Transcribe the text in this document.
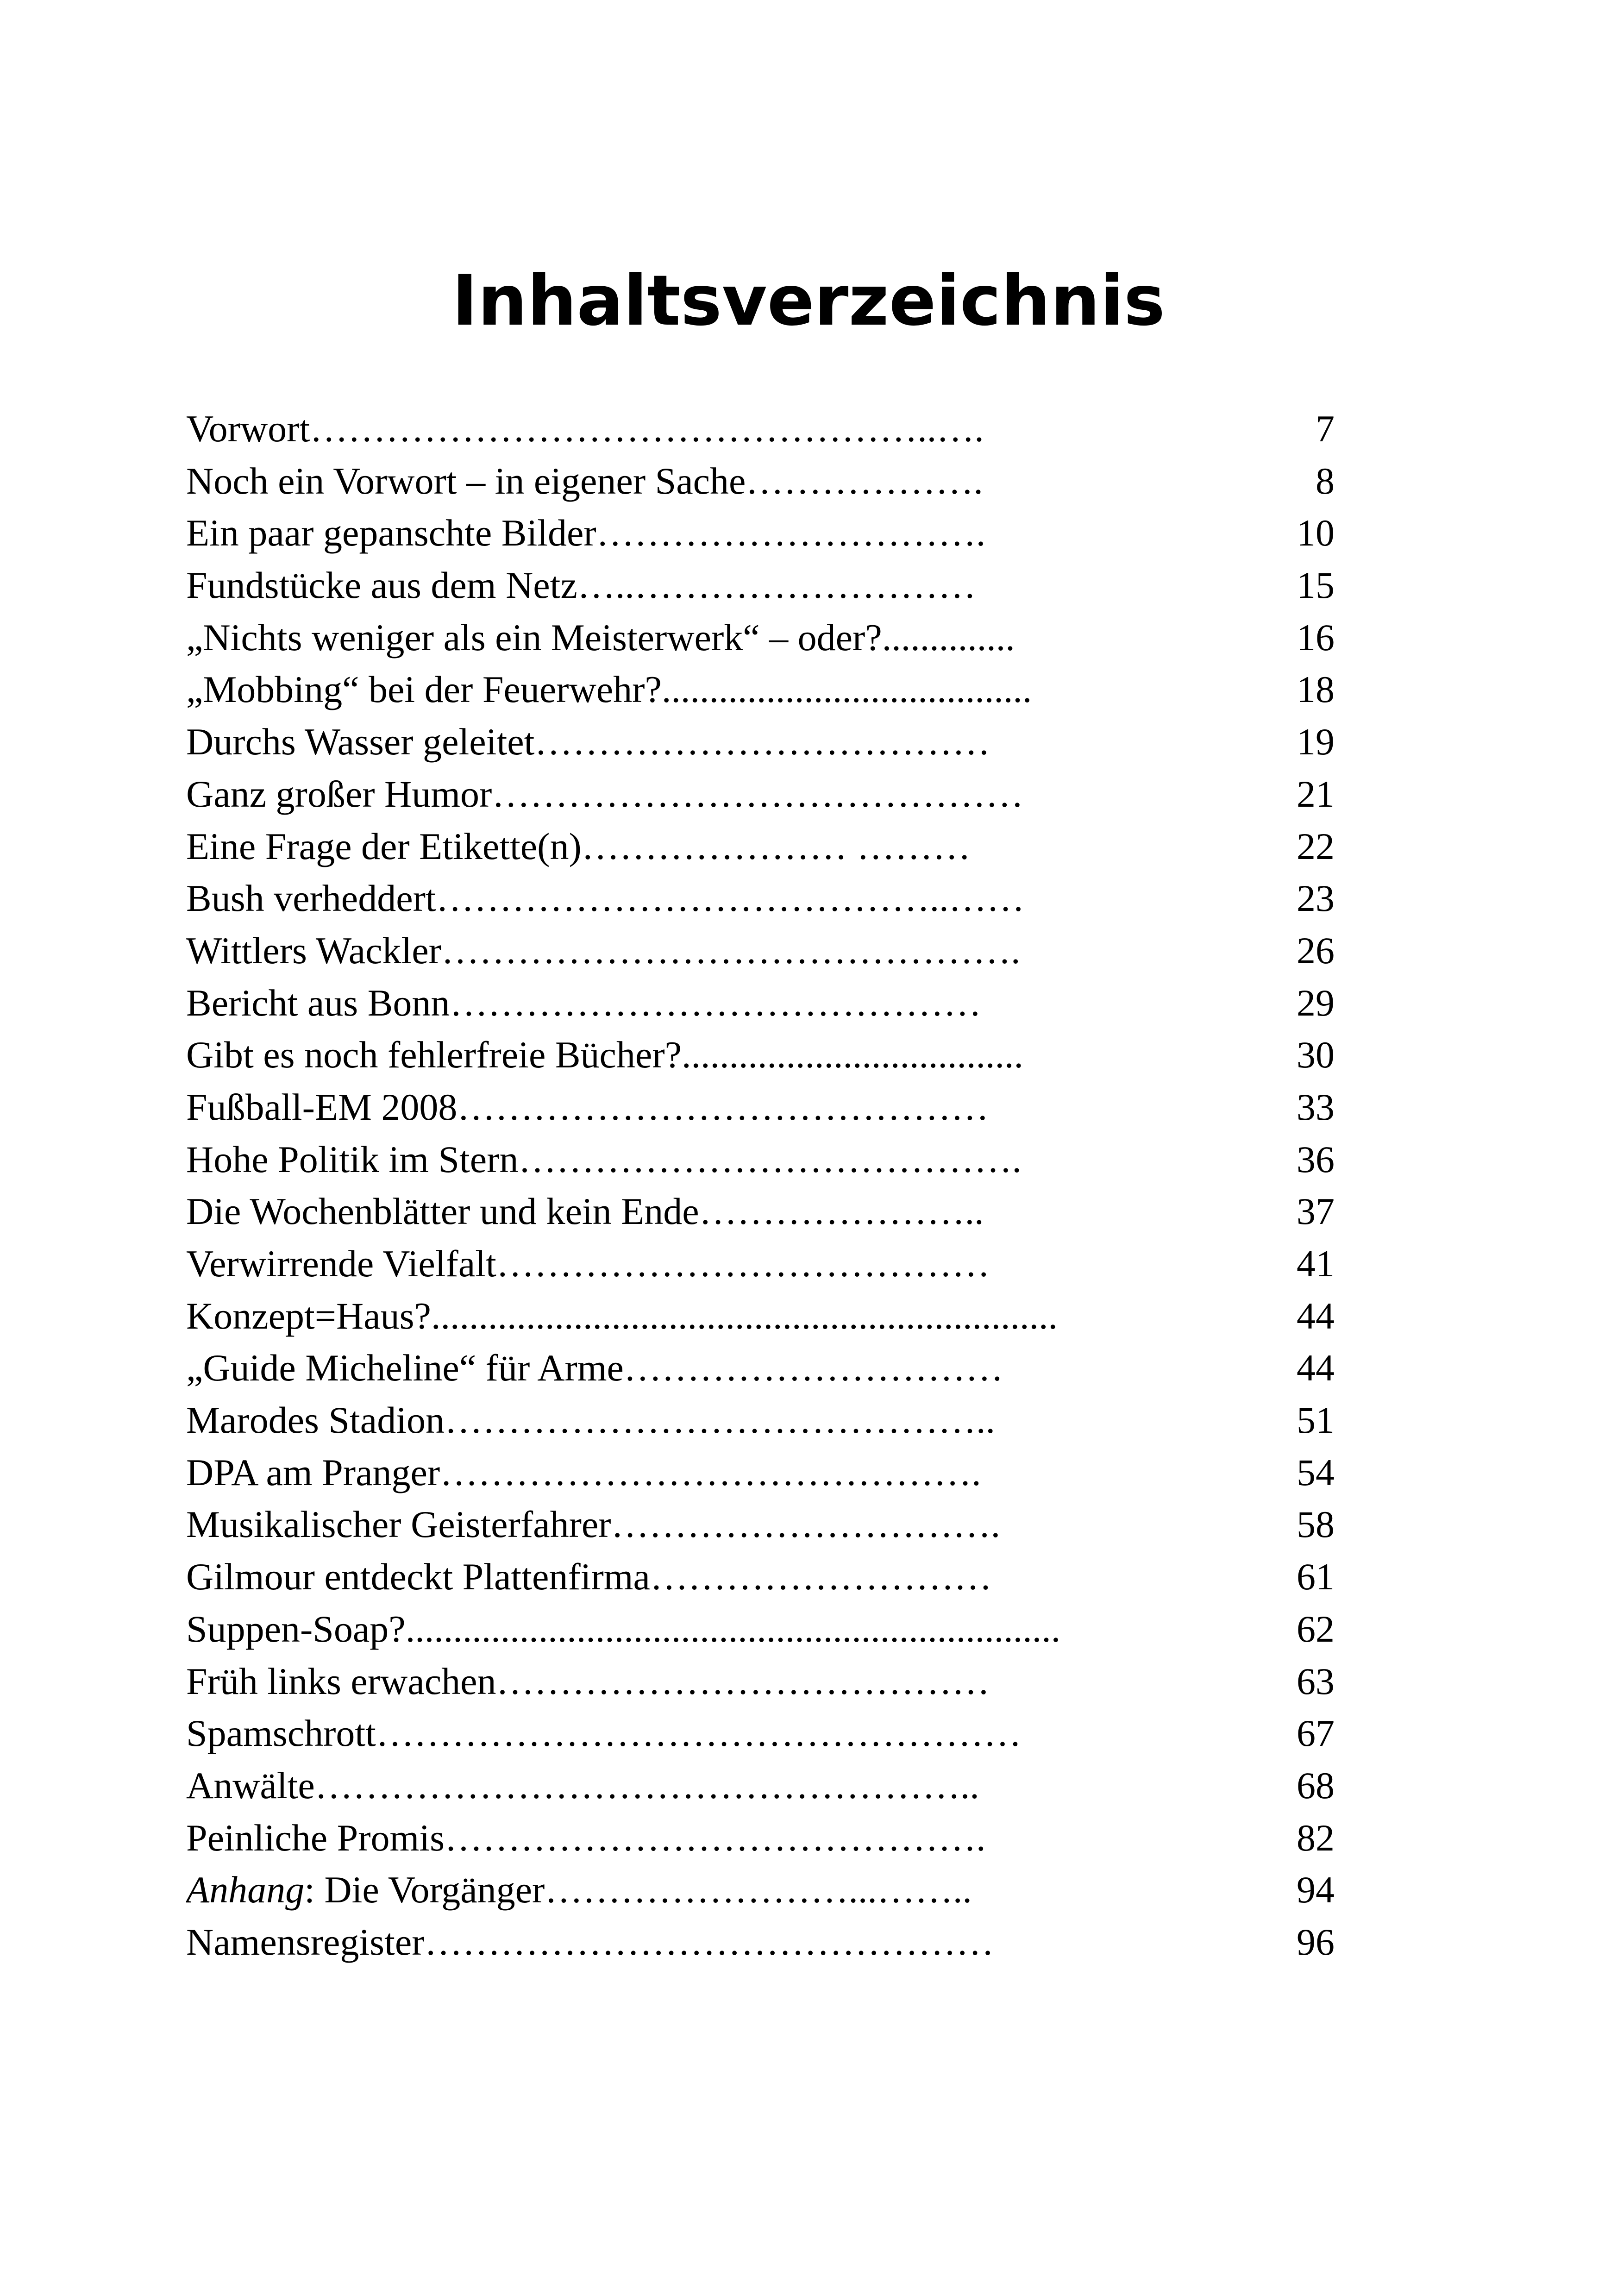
Inhaltsverzeichnis
Vorwort…………………………………………..….	7
Noch ein Vorwort – in eigener Sache……………….	8
Ein paar gepanschte Bilder………………………….	10
Fundstücke aus dem Netz…..………………………	15
„Nichts weniger als ein Meisterwerk“ – oder?..............	16
„Mobbing“ bei der Feuerwehr?.......................................	18
Durchs Wasser geleitet………………………………	19
Ganz großer Humor……………………………………	21
Eine Frage der Etikette(n)………………… ………	22
Bush verheddert…………………………………..……	23
Wittlers Wackler……………………………………….	26
Bericht aus Bonn……………………………………	29
Gibt es noch fehlerfreie Bücher?....................................	30
Fußball-EM 2008……………………………………	33
Hohe Politik im Stern………………………………….	36
Die Wochenblätter und kein Ende…………………..	37
Verwirrende Vielfalt…………………………………	41
Konzept=Haus?..................................................................	44
„Guide Micheline“ für Arme…………………………	44
Marodes Stadion……………………………………..	51
DPA am Pranger…………………………………….	54
Musikalischer Geisterfahrer………………………….	58
Gilmour entdeckt Plattenfirma………………………	61
Suppen-Soap?.....................................................................	62
Früh links erwachen…………………………………	63
Spamschrott……………………………………………	67
Anwälte……………………………………………..	68
Peinliche Promis…………………………………….	82
Anhang: Die Vorgänger……………………...……..	94
Namensregister………………………………………	96
